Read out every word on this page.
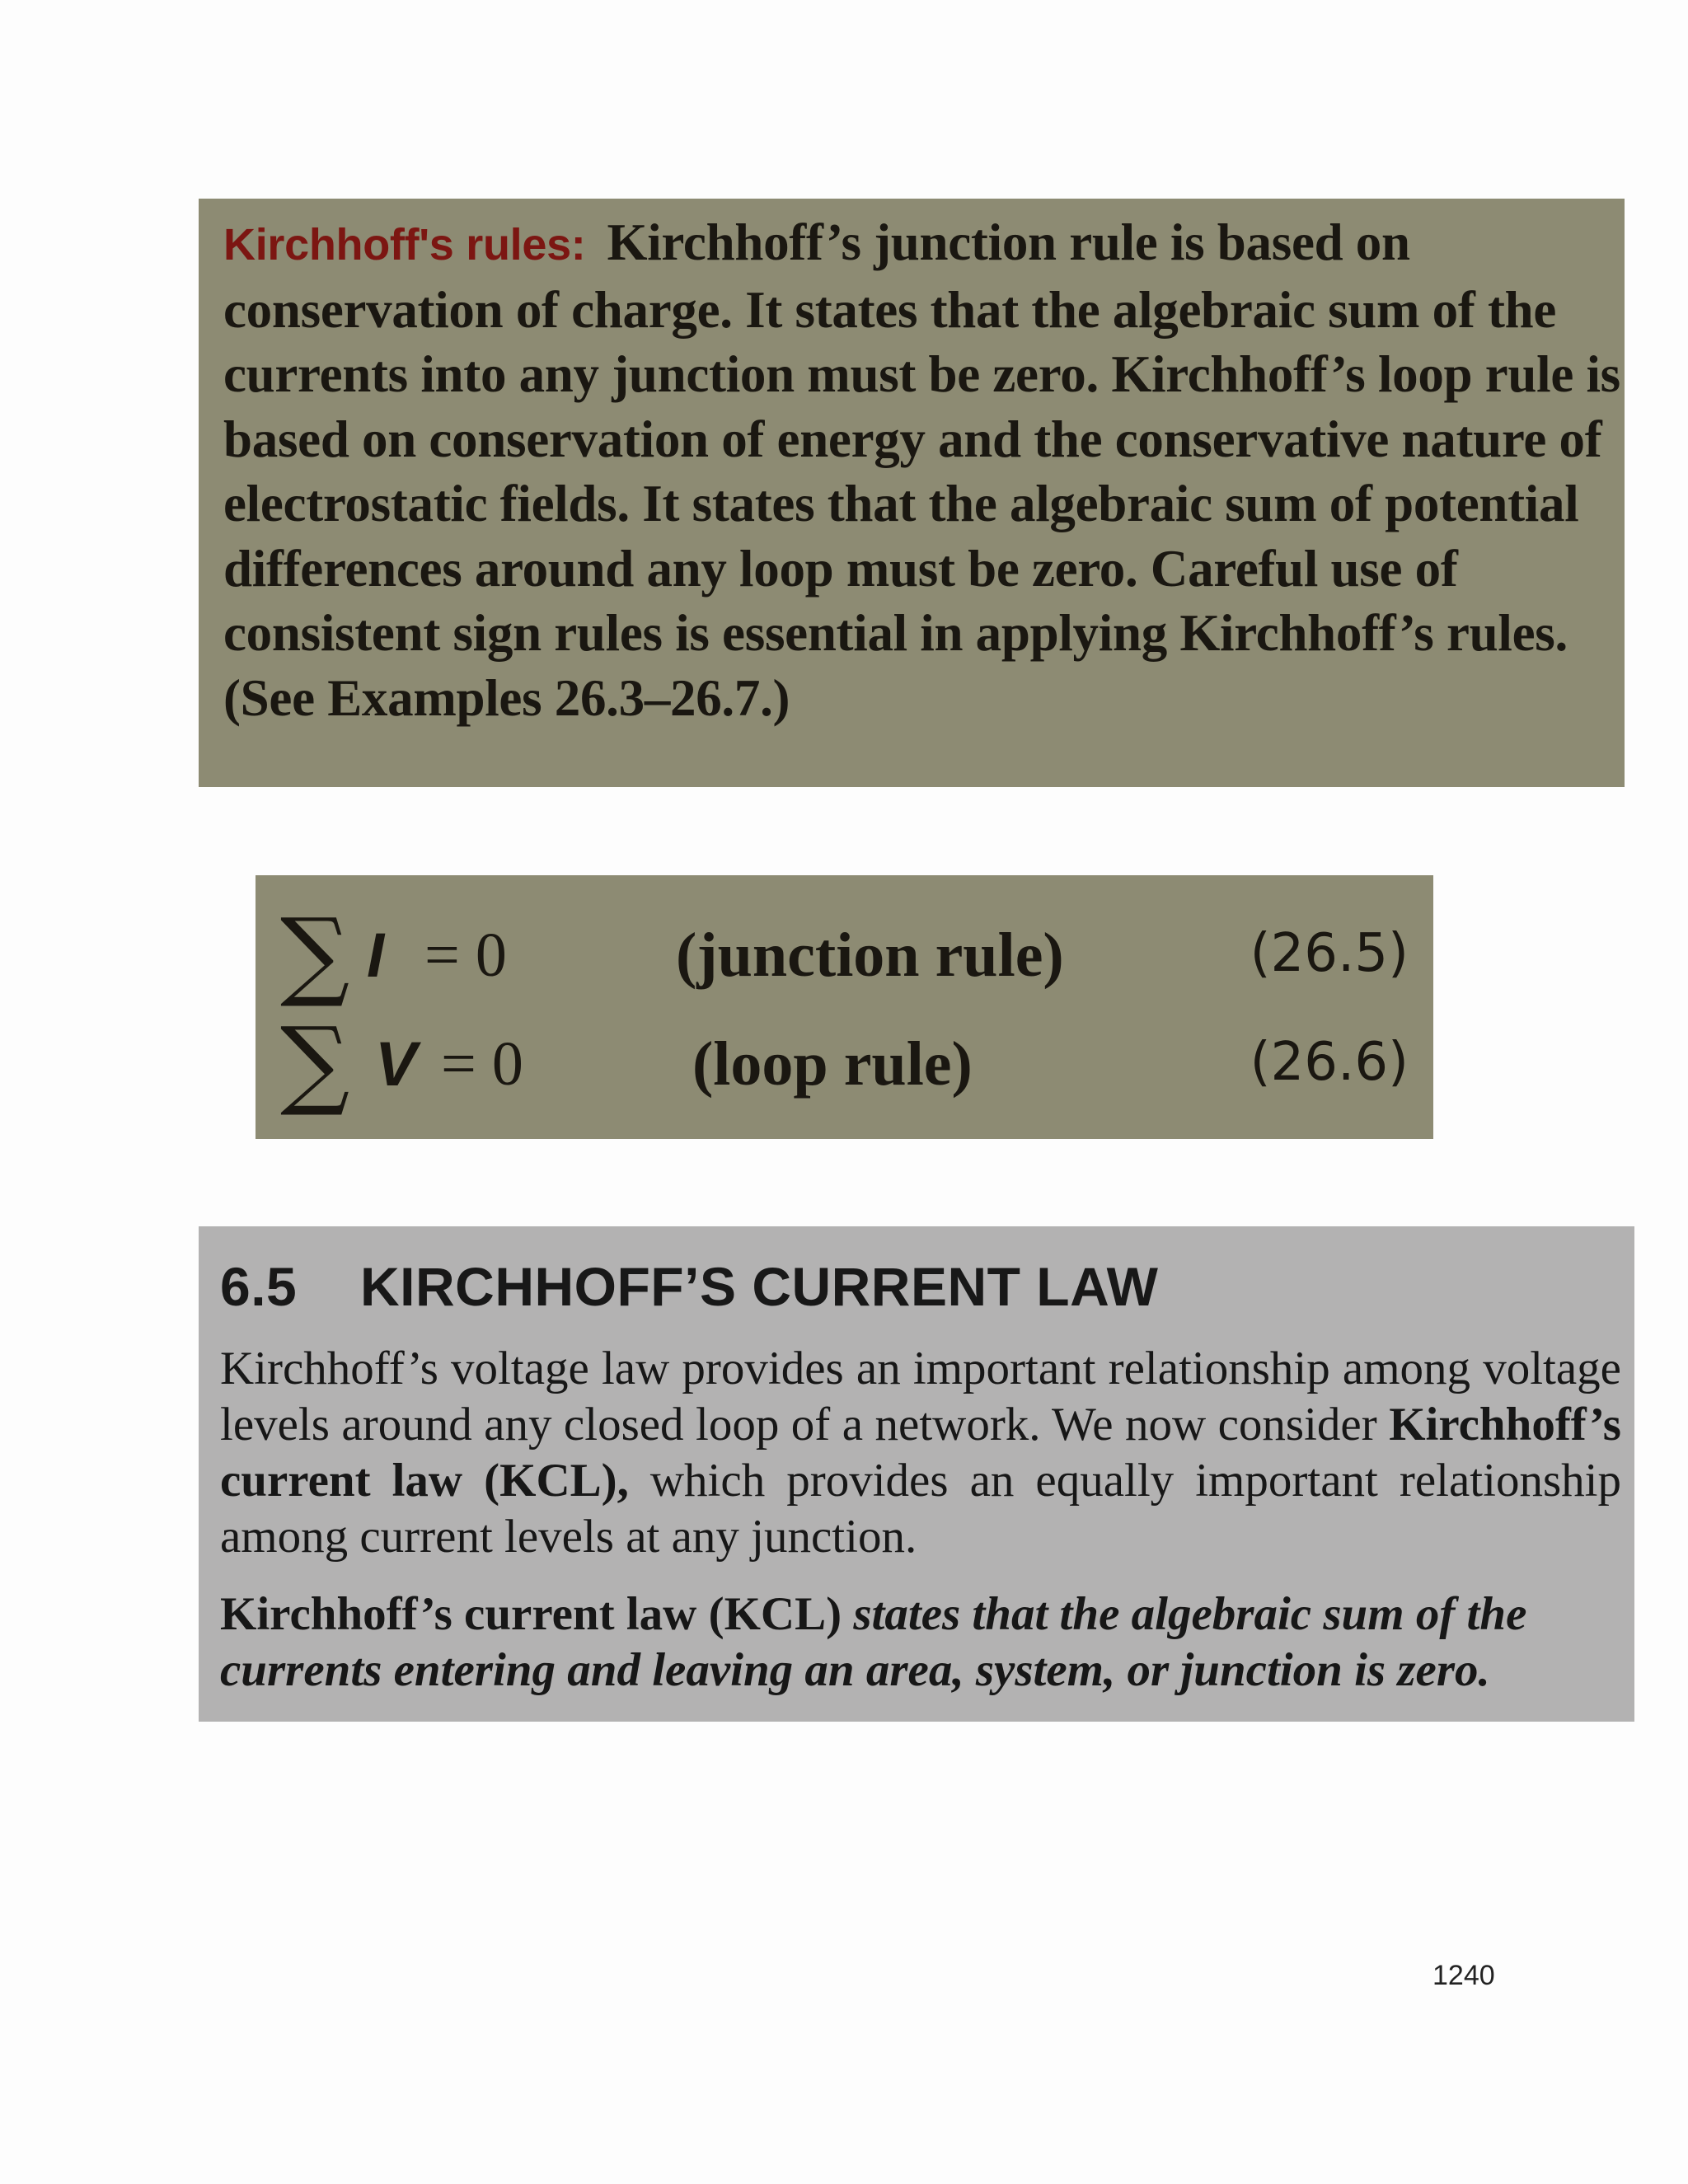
Kirchhoff's rules: Kirchhoff’s junction rule is based on conservation of charge. It states that the algebraic sum of the currents into any junction must be zero. Kirchhoff’s loop rule is based on conservation of energy and the conservative nature of electrostatic fields. It states that the algebraic sum of potential differences around any loop must be zero. Careful use of consistent sign rules is essential in applying Kirchhoff’s rules. (See Examples 26.3–26.7.)

∑ I = 0	(junction rule)	(26.5)
∑ V = 0	(loop rule)	(26.6)
6.5 KIRCHHOFF’S CURRENT LAW

Kirchhoff’s voltage law provides an important relationship among voltage levels around any closed loop of a network. We now consider Kirchhoff’s current law (KCL), which provides an equally important relationship among current levels at any junction.

Kirchhoff’s current law (KCL) states that the algebraic sum of the currents entering and leaving an area, system, or junction is zero.

1240
